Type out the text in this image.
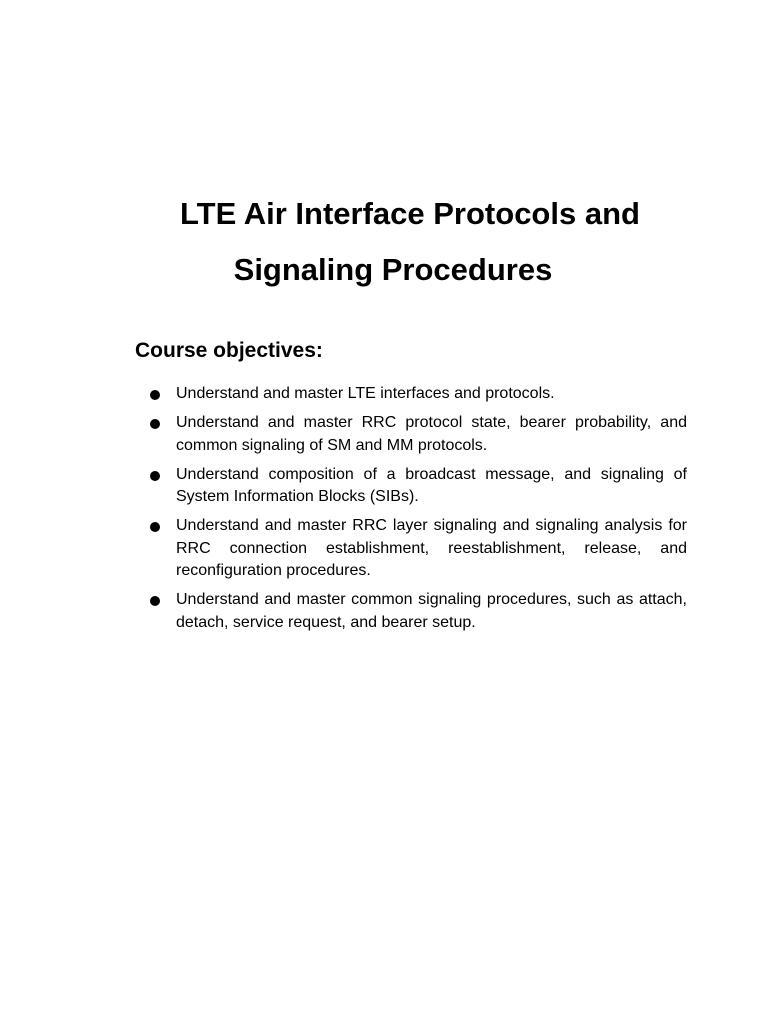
LTE Air Interface Protocols and
Signaling Procedures
Course objectives:
Understand and master LTE interfaces and protocols.
Understand and master RRC protocol state, bearer probability, and common signaling of SM and MM protocols.
Understand composition of a broadcast message, and signaling of System Information Blocks (SIBs).
Understand and master RRC layer signaling and signaling analysis for RRC connection establishment, reestablishment, release, and reconfiguration procedures.
Understand and master common signaling procedures, such as attach, detach, service request, and bearer setup.
